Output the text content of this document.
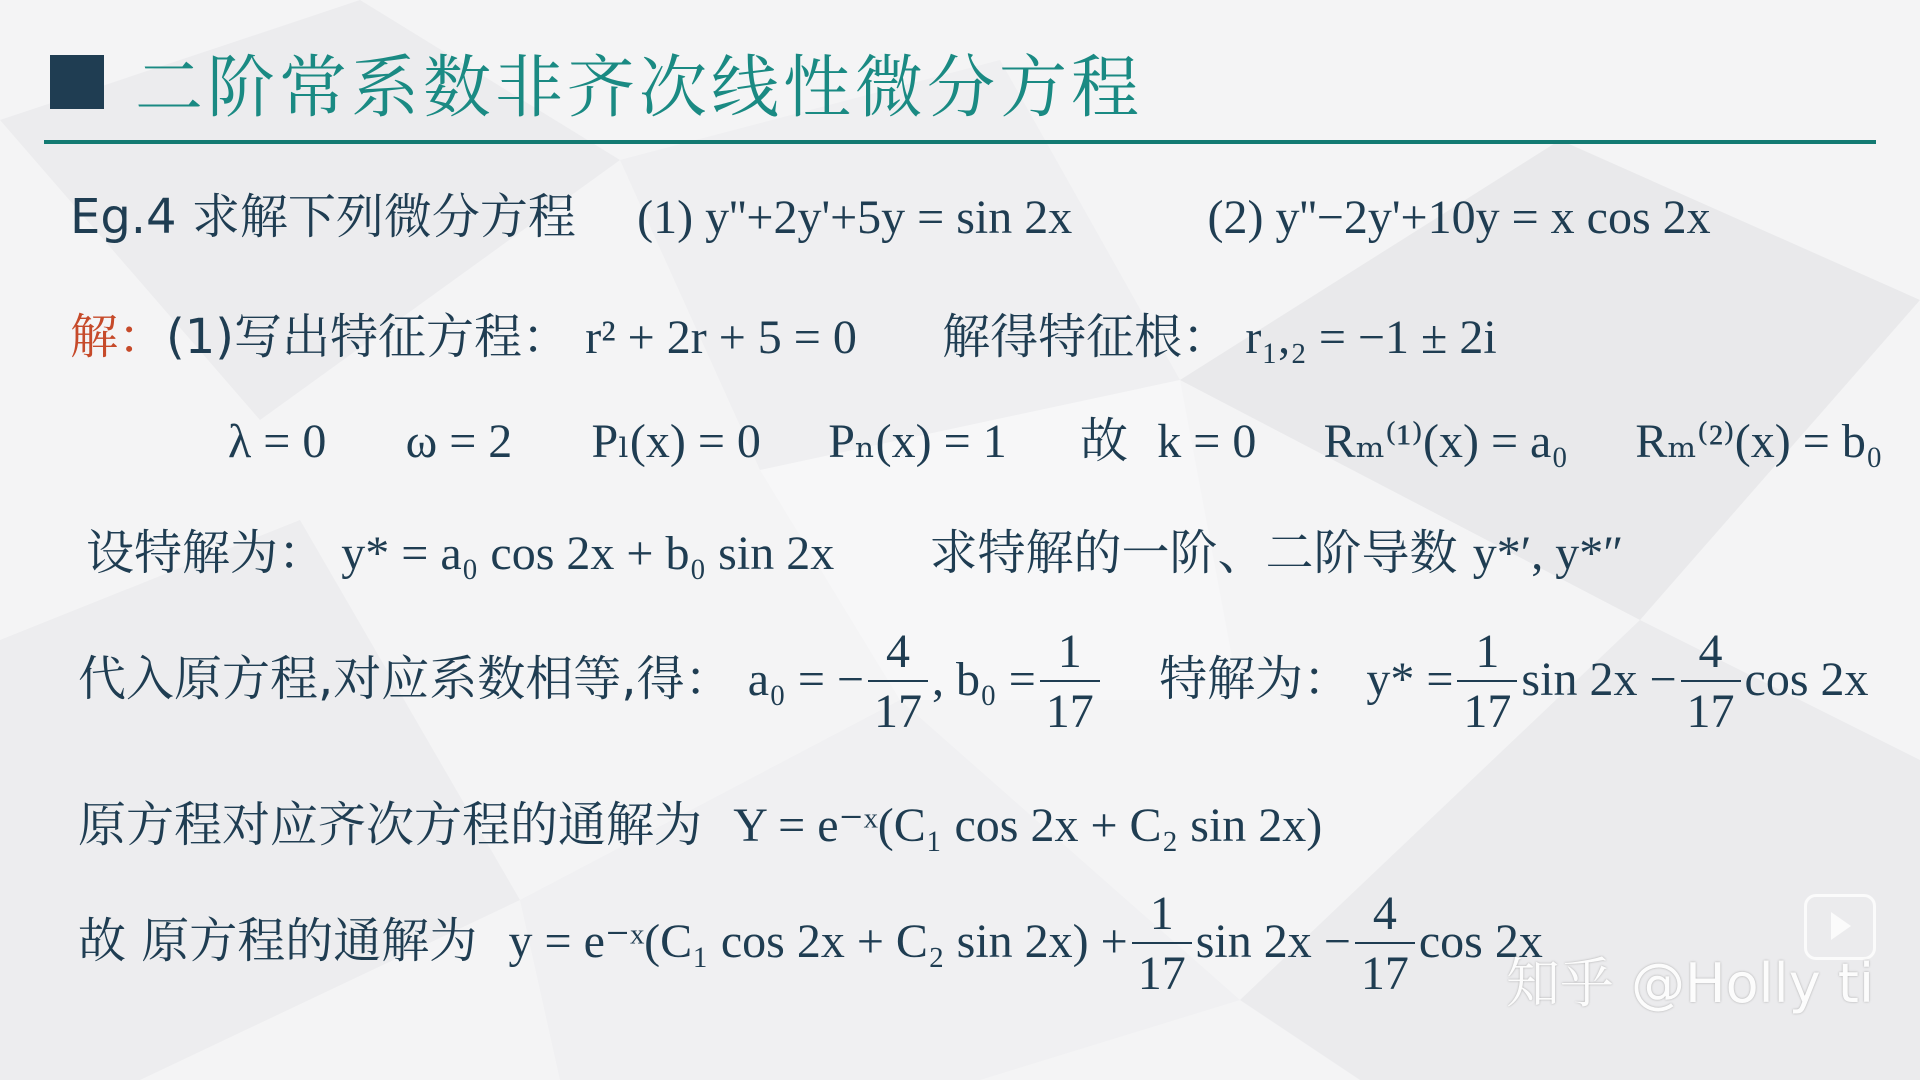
二阶常系数非齐次线性微分方程
Eg.4 求解下列微分方程 (1) y''+2y'+5y = sin 2x	(2) y''−2y'+10y = x cos 2x
解：(1)写出特征方程： r² + 2r + 5 = 0 解得特征根： r₁,₂ = −1 ± 2i
λ = 0 ω = 2 Pₗ(x) = 0 Pₙ(x) = 1 故 k = 0 Rₘ⁽¹⁾(x) = a₀ Rₘ⁽²⁾(x) = b₀
设特解为： y* = a₀ cos 2x + b₀ sin 2x 求特解的一阶、二阶导数 y*′, y*″
代入原方程,对应系数相等,得： a₀ = − $\frac{4}{17}$ , $b_0 = \frac{1}{17}$ 特解为： $y* = \frac{1}{17}$ $\sin 2x - \frac{4}{17}$ cos 2x
原方程对应齐次方程的通解为 Y = e⁻ˣ(C₁ cos 2x + C₂ sin 2x)
故 原方程的通解为 y = e⁻ˣ(C₁ cos 2x + C₂ $\sin 2x) + \frac{1}{17}$ $\sin 2x - \frac{4}{17}$ cos 2x
知乎 @Holly ti
